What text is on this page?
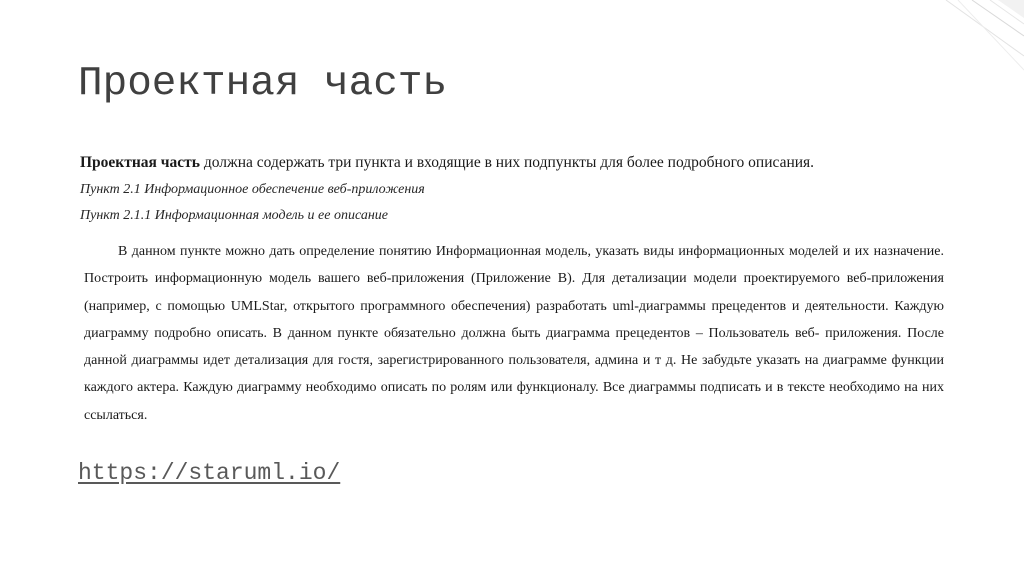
Проектная часть

Проектная часть должна содержать три пункта и входящие в них подпункты для более подробного описания.

Пункт 2.1 Информационное обеспечение веб-приложения

Пункт 2.1.1 Информационная модель и ее описание

В данном пункте можно дать определение понятию Информационная модель, указать виды информационных моделей и их назначение. Построить информационную модель вашего веб-приложения (Приложение В). Для детализации модели проектируемого веб-приложения (например, с помощью UMLStar, открытого программного обеспечения) разработать uml-диаграммы прецедентов и деятельности. Каждую диаграмму подробно описать. В данном пункте обязательно должна быть диаграмма прецедентов – Пользователь веб- приложения. После данной диаграммы идет детализация для гостя, зарегистрированного пользователя, админа и т д. Не забудьте указать на диаграмме функции каждого актера. Каждую диаграмму необходимо описать по ролям или функционалу. Все диаграммы подписать и в тексте необходимо на них ссылаться.

https://staruml.io/
